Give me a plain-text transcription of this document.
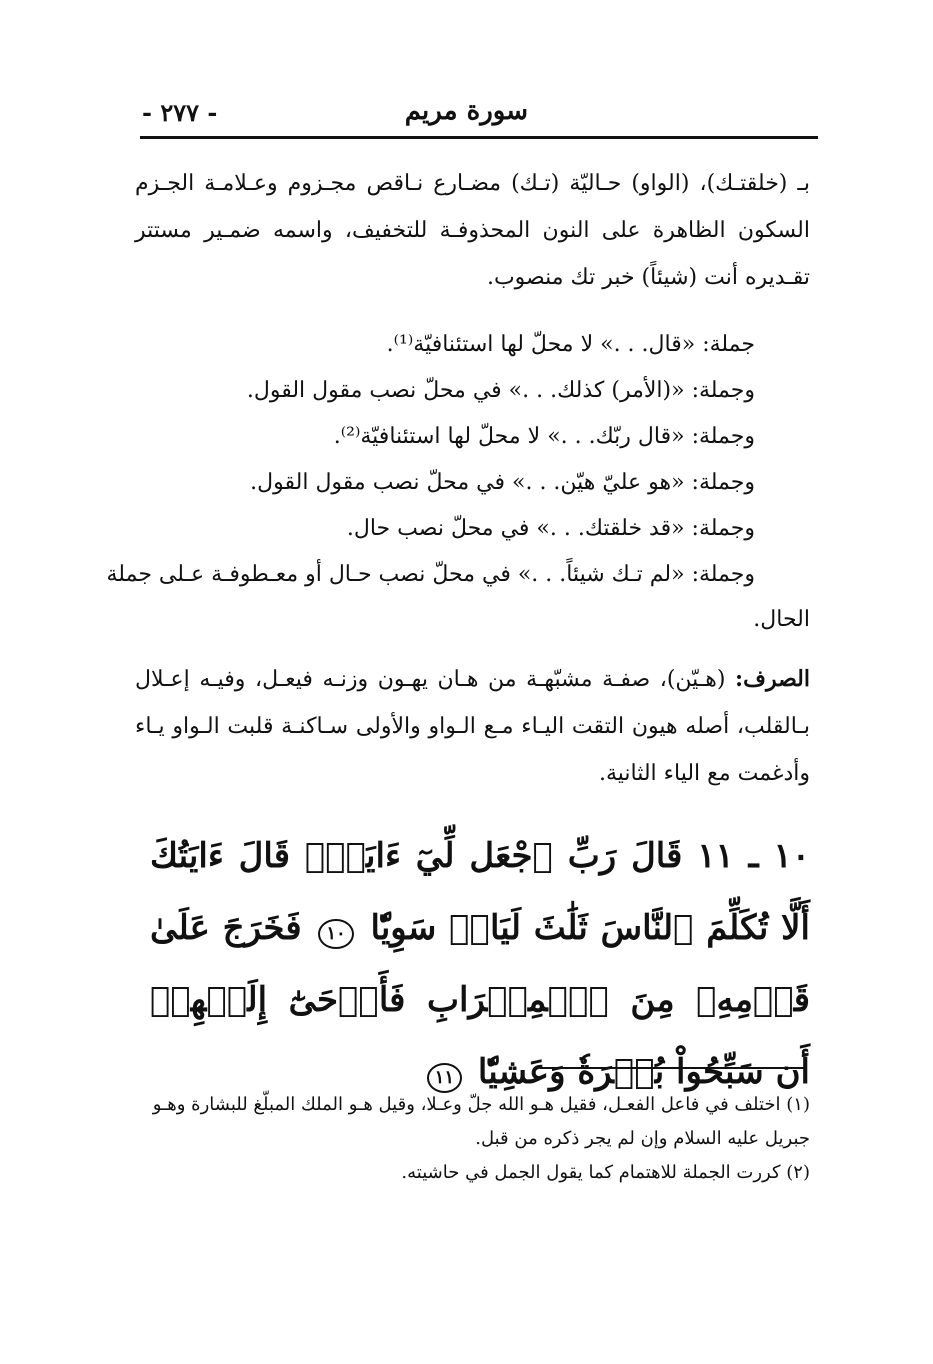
سورة مريم
- ٢٧٧ -
بـ (خلقتـك)، (الواو) حـاليّة (تـك) مضـارع نـاقص مجـزوم وعـلامـة الجـزم السكون الظاهرة على النون المحذوفـة للتخفيف، واسمه ضمـير مستتر تقـديره أنت (شيئاً) خبر تك منصوب.
جملة: «قال. . .» لا محلّ لها استئنافيّة⁽¹⁾.
وجملة: «(الأمر) كذلك. . .» في محلّ نصب مقول القول.
وجملة: «قال ربّك. . .» لا محلّ لها استئنافيّة⁽²⁾.
وجملة: «هو عليّ هيّن. . .» في محلّ نصب مقول القول.
وجملة: «قد خلقتك. . .» في محلّ نصب حال.
وجملة: «لم تـك شيئاً. . .» في محلّ نصب حـال أو معـطوفـة عـلى جملة
الحال.
الصرف: (هـيّن)، صفـة مشبّهـة من هـان يهـون وزنـه فيعـل، وفيـه إعـلال بـالقلب، أصله هيون التقت اليـاء مـع الـواو والأولى سـاكنـة قلبت الـواو يـاء وأدغمت مع الياء الثانية.
١٠ ـ ١١ قَالَ رَبِّ ٱجْعَل لِّيٓ ءَايَةًۚ قَالَ ءَايَتُكَ أَلَّا تُكَلِّمَ ٱلنَّاسَ ثَلَٰثَ لَيَالٖ سَوِيّٗا ١٠ فَخَرَجَ عَلَىٰ قَوۡمِهِۦ مِنَ ٱلۡمِحۡرَابِ فَأَوۡحَىٰٓ إِلَيۡهِمۡ أَن سَبِّحُواْ بُكۡرَةٗ وَعَشِيّٗا ١١
(١) اختلف في فاعل الفعـل، فقيل هـو الله جلّ وعـلا، وقيل هـو الملك المبلّغ للبشارة وهـو جبريل عليه السلام وإن لم يجر ذكره من قبل.
(٢) كررت الجملة للاهتمام كما يقول الجمل في حاشيته.
